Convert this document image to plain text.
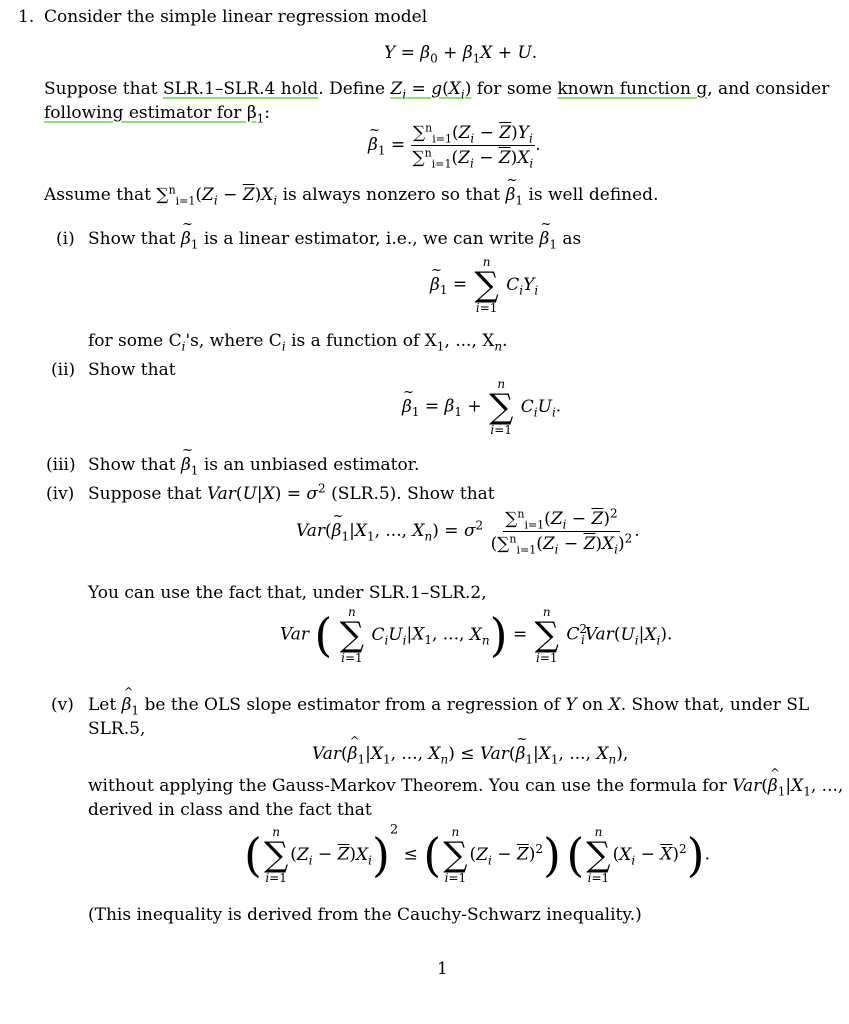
1. Consider the simple linear regression model
$Y = \beta_0 + \beta_1X + U$.
Suppose that SLR.1–SLR.4 hold. Define $Z_i = g(X_i)$ for some known function g, and consider
following estimator for $\beta_1$:
~ $\beta_1 = \frac{\sum^n_{i=1}(Z_i - \overline{Z})Y_i}{\sum^n_{i=1}(Z_i - \overline{Z})X_i}$ .
Assume that $\sum^n_{i=1}(Z_i - \overline{Z})X_i$ is always nonzero so that ~ $\beta_1$ is well defined.
(i) Show that ~ $\beta_1$ is a linear estimator, i.e., we can write ~ $\beta_1$ as
~ $\beta_1$ =
n
∑
i=1
$C_iY_i$
for some $C_i's$, where $C_i$ is a function of $X_1$, ..., $X_n$.
(ii) Show that
~ $\beta_1 = \beta_1$ +
n
∑
i=1
$C_iU_i$.
(iii) Show that ~ $\beta_1$ is an unbiased estimator.
(iv) Suppose that $Var(U|X) = \sigma^2$ (SLR.5). Show that
Var(~ $\beta_1|X_1$, ..., $X_n) = \sigma^2 \frac{\sum^n_{i=1}(Z_i - \overline{Z})^2}{(\sum^n_{i=1}(Z_i - \overline{Z})X_i)^2}$ .
You can use the fact that, under SLR.1–SLR.2,
Var ( n
∑
i=1
$C_iU_i|X_1$, ..., $X_n$) =
n
∑
i=1
$C^2_iVar(U_i|X_i)$.
(v) Let ^ $\beta_1$ be the OLS slope estimator from a regression of Y on X. Show that, under SL
SLR.5,
Var(^ $\beta_1|X_1$, ..., $X_n$) ≤ Var(~ $\beta_1|X_1$, ..., $X_n$),
without applying the Gauss-Markov Theorem. You can use the formula for Var(^ $\beta_1|X_1$, ...,
derived in class and the fact that
( n
∑
i=1
$(Z_i - \overline{Z})X_i)^2$ ≤ ( n
∑
i=1
$(Z_i - \overline{Z})^2$) ( n
∑
i=1
$(X_i - \overline{X})^2$).
(This inequality is derived from the Cauchy-Schwarz inequality.)
1
